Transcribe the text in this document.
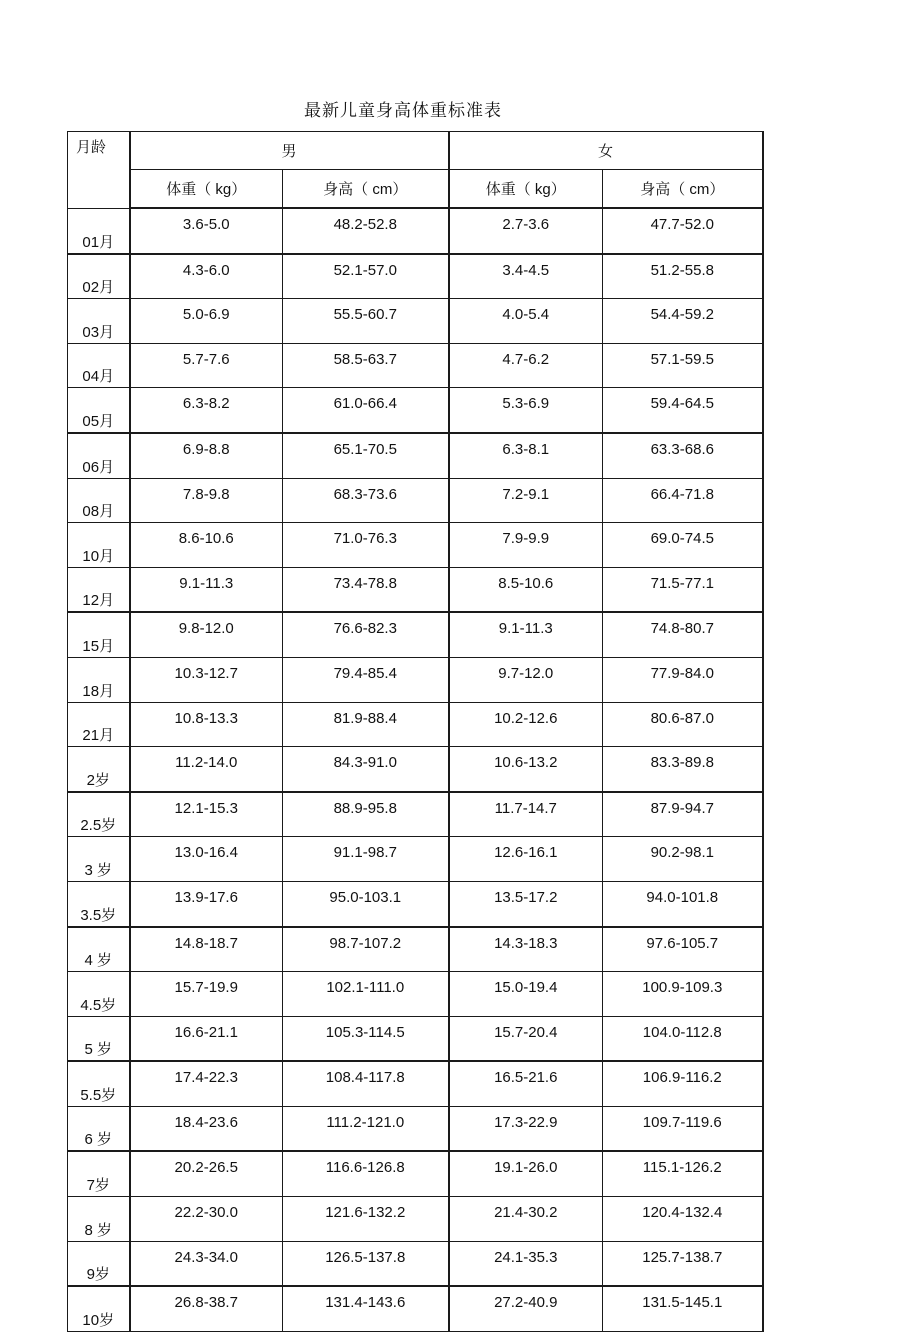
最新儿童身高体重标准表
月龄	男		女	
	体重（ kg）	身高（ cm）	体重（ kg）	身高（ cm）
01月	3.6-5.0	48.2-52.8	2.7-3.6	47.7-52.0
02月	4.3-6.0	52.1-57.0	3.4-4.5	51.2-55.8
03月	5.0-6.9	55.5-60.7	4.0-5.4	54.4-59.2
04月	5.7-7.6	58.5-63.7	4.7-6.2	57.1-59.5
05月	6.3-8.2	61.0-66.4	5.3-6.9	59.4-64.5
06月	6.9-8.8	65.1-70.5	6.3-8.1	63.3-68.6
08月	7.8-9.8	68.3-73.6	7.2-9.1	66.4-71.8
10月	8.6-10.6	71.0-76.3	7.9-9.9	69.0-74.5
12月	9.1-11.3	73.4-78.8	8.5-10.6	71.5-77.1
15月	9.8-12.0	76.6-82.3	9.1-11.3	74.8-80.7
18月	10.3-12.7	79.4-85.4	9.7-12.0	77.9-84.0
21月	10.8-13.3	81.9-88.4	10.2-12.6	80.6-87.0
2岁	11.2-14.0	84.3-91.0	10.6-13.2	83.3-89.8
2.5岁	12.1-15.3	88.9-95.8	11.7-14.7	87.9-94.7
3 岁	13.0-16.4	91.1-98.7	12.6-16.1	90.2-98.1
3.5岁	13.9-17.6	95.0-103.1	13.5-17.2	94.0-101.8
4 岁	14.8-18.7	98.7-107.2	14.3-18.3	97.6-105.7
4.5岁	15.7-19.9	102.1-111.0	15.0-19.4	100.9-109.3
5 岁	16.6-21.1	105.3-114.5	15.7-20.4	104.0-112.8
5.5岁	17.4-22.3	108.4-117.8	16.5-21.6	106.9-116.2
6 岁	18.4-23.6	111.2-121.0	17.3-22.9	109.7-119.6
7岁	20.2-26.5	116.6-126.8	19.1-26.0	115.1-126.2
8 岁	22.2-30.0	121.6-132.2	21.4-30.2	120.4-132.4
9岁	24.3-34.0	126.5-137.8	24.1-35.3	125.7-138.7
10岁	26.8-38.7	131.4-143.6	27.2-40.9	131.5-145.1
